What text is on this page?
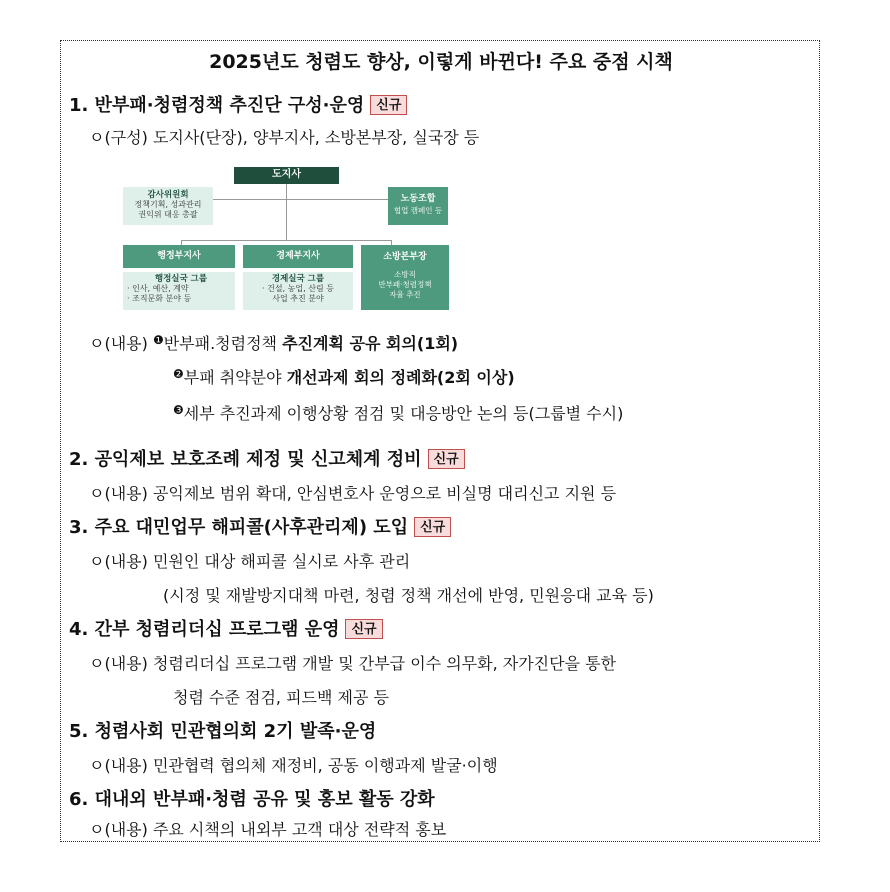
2025년도 청렴도 향상, 이렇게 바뀐다! 주요 중점 시책
1. 반부패·청렴정책 추진단 구성·운영 신규
ㅇ(구성) 도지사(단장), 양부지사, 소방본부장, 실국장 등
도지사
감사위원회
정책기획, 성과관리
권익위 대응 총괄
노동조합
협업 캠페인 등
행정부지사
행정실국 그룹
· 인사, 예산, 계약
· 조직문화 분야 등
경제부지사
경제실국 그룹
· 건설, 농업, 산림 등
사업 추진 분야
소방본부장
소방직
반부패·청렴정책
자율 추진
ㅇ(내용) $^❶$반부패.청렴정책 추진계획 공유 회의(1회)
$^❷$부패 취약분야 개선과제 회의 정례화(2회 이상)
$^❸$세부 추진과제 이행상황 점검 및 대응방안 논의 등(그룹별 수시)
2. 공익제보 보호조례 제정 및 신고체계 정비 신규
ㅇ(내용) 공익제보 범위 확대, 안심변호사 운영으로 비실명 대리신고 지원 등
3. 주요 대민업무 해피콜(사후관리제) 도입 신규
ㅇ(내용) 민원인 대상 해피콜 실시로 사후 관리
(시정 및 재발방지대책 마련, 청렴 정책 개선에 반영, 민원응대 교육 등)
4. 간부 청렴리더십 프로그램 운영 신규
ㅇ(내용) 청렴리더십 프로그램 개발 및 간부급 이수 의무화, 자가진단을 통한
청렴 수준 점검, 피드백 제공 등
5. 청렴사회 민관협의회 2기 발족·운영
ㅇ(내용) 민관협력 협의체 재정비, 공동 이행과제 발굴·이행
6. 대내외 반부패·청렴 공유 및 홍보 활동 강화
ㅇ(내용) 주요 시책의 내외부 고객 대상 전략적 홍보
